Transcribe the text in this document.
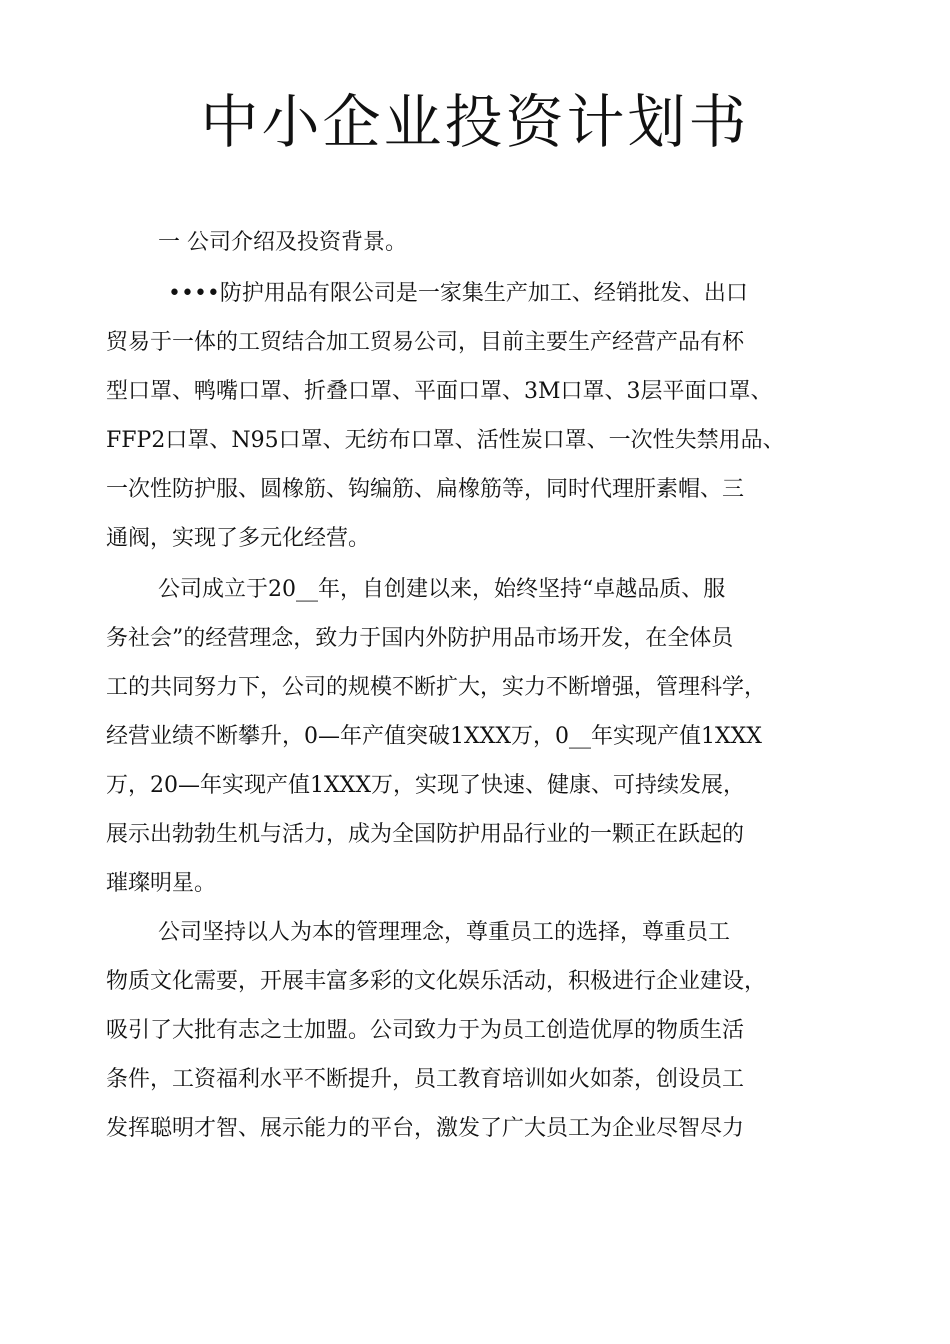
中小企业投资计划书

一 公司介绍及投资背景。

••••防护用品有限公司是一家集生产加工、经销批发、出口
贸易于一体的工贸结合加工贸易公司，目前主要生产经营产品有杯
型口罩、鸭嘴口罩、折叠口罩、平面口罩、3M口罩、3层平面口罩、
FFP2口罩、N95口罩、无纺布口罩、活性炭口罩、一次性失禁用品、
一次性防护服、圆橡筋、钩编筋、扁橡筋等，同时代理肝素帽、三
通阀，实现了多元化经营。
公司成立于20__年，自创建以来，始终坚持“卓越品质、服
务社会”的经营理念，致力于国内外防护用品市场开发，在全体员
工的共同努力下，公司的规模不断扩大，实力不断增强，管理科学，
经营业绩不断攀升，0—年产值突破1XXX万，0__年实现产值1XXX
万，20—年实现产值1XXX万，实现了快速、健康、可持续发展，
展示出勃勃生机与活力，成为全国防护用品行业的一颗正在跃起的
璀璨明星。
公司坚持以人为本的管理理念，尊重员工的选择，尊重员工
物质文化需要，开展丰富多彩的文化娱乐活动，积极进行企业建设，
吸引了大批有志之士加盟。公司致力于为员工创造优厚的物质生活
条件，工资福利水平不断提升，员工教育培训如火如荼，创设员工
发挥聪明才智、展示能力的平台，激发了广大员工为企业尽智尽力
